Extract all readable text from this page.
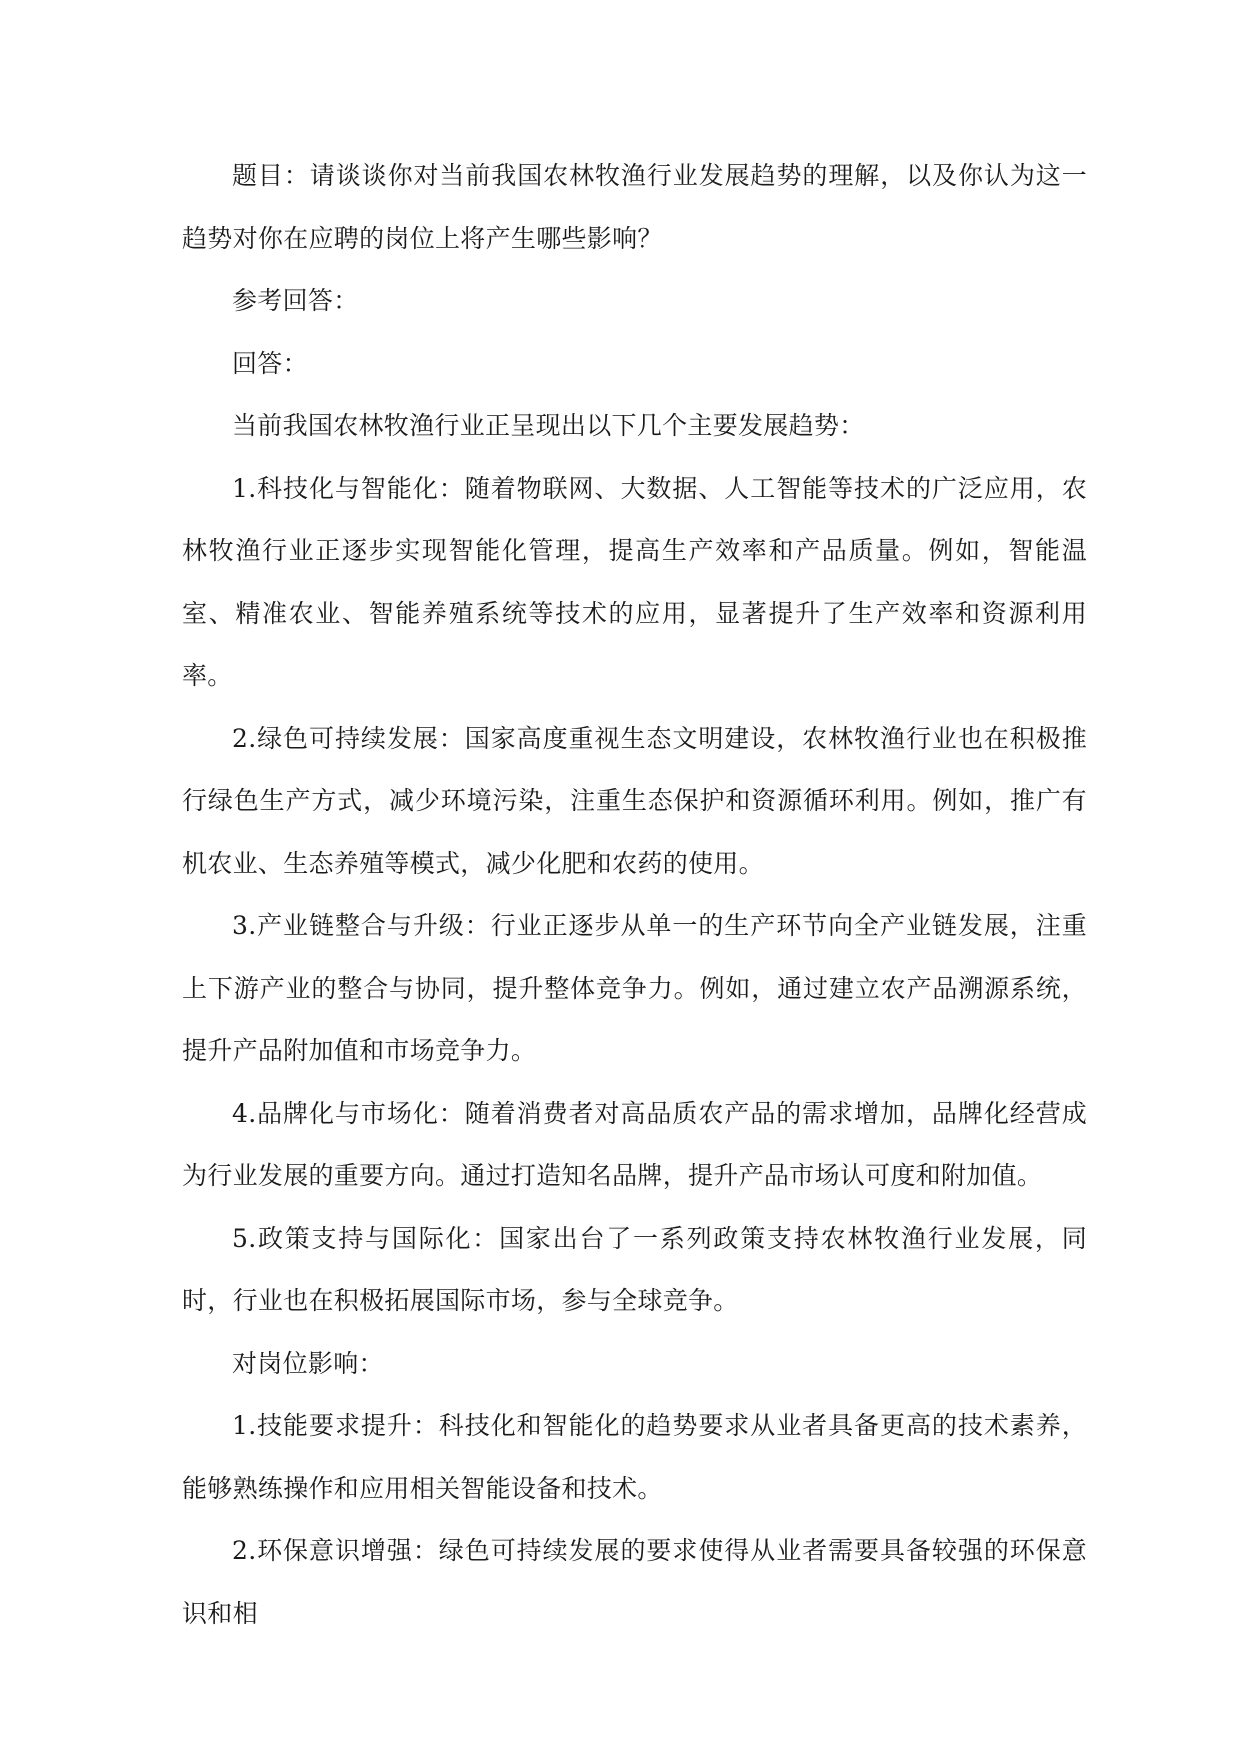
题目：请谈谈你对当前我国农林牧渔行业发展趋势的理解，以及你认为这一趋势对你在应聘的岗位上将产生哪些影响？

参考回答：

回答：

当前我国农林牧渔行业正呈现出以下几个主要发展趋势：

1.科技化与智能化：随着物联网、大数据、人工智能等技术的广泛应用，农林牧渔行业正逐步实现智能化管理，提高生产效率和产品质量。例如，智能温室、精准农业、智能养殖系统等技术的应用，显著提升了生产效率和资源利用率。

2.绿色可持续发展：国家高度重视生态文明建设，农林牧渔行业也在积极推行绿色生产方式，减少环境污染，注重生态保护和资源循环利用。例如，推广有机农业、生态养殖等模式，减少化肥和农药的使用。

3.产业链整合与升级：行业正逐步从单一的生产环节向全产业链发展，注重上下游产业的整合与协同，提升整体竞争力。例如，通过建立农产品溯源系统，提升产品附加值和市场竞争力。

4.品牌化与市场化：随着消费者对高品质农产品的需求增加，品牌化经营成为行业发展的重要方向。通过打造知名品牌，提升产品市场认可度和附加值。

5.政策支持与国际化：国家出台了一系列政策支持农林牧渔行业发展，同时，行业也在积极拓展国际市场，参与全球竞争。

对岗位影响：

1.技能要求提升：科技化和智能化的趋势要求从业者具备更高的技术素养，能够熟练操作和应用相关智能设备和技术。

2.环保意识增强：绿色可持续发展的要求使得从业者需要具备较强的环保意识和相
